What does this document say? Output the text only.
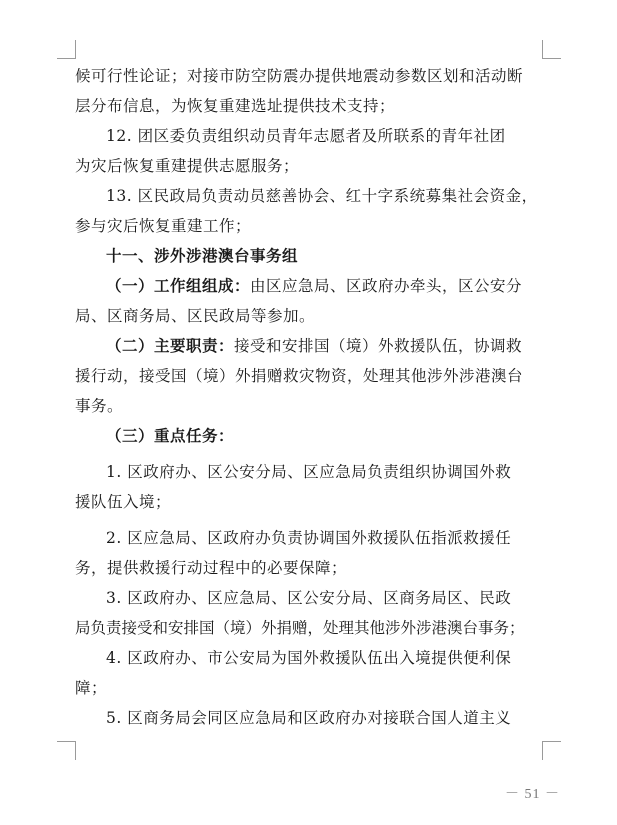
候可行性论证；对接市防空防震办提供地震动参数区划和活动断
层分布信息，为恢复重建选址提供技术支持；
12. 团区委负责组织动员青年志愿者及所联系的青年社团
为灾后恢复重建提供志愿服务；
13. 区民政局负责动员慈善协会、红十字系统募集社会资金，
参与灾后恢复重建工作；
十一、涉外涉港澳台事务组
（一）工作组组成：由区应急局、区政府办牵头，区公安分
局、区商务局、区民政局等参加。
（二）主要职责：接受和安排国（境）外救援队伍，协调救
援行动，接受国（境）外捐赠救灾物资，处理其他涉外涉港澳台
事务。
（三）重点任务：
1. 区政府办、区公安分局、区应急局负责组织协调国外救
援队伍入境；
2. 区应急局、区政府办负责协调国外救援队伍指派救援任
务，提供救援行动过程中的必要保障；
3. 区政府办、区应急局、区公安分局、区商务局区、民政
局负责接受和安排国（境）外捐赠，处理其他涉外涉港澳台事务；
4. 区政府办、市公安局为国外救援队伍出入境提供便利保
障；
5. 区商务局会同区应急局和区政府办对接联合国人道主义
－ 51 －
